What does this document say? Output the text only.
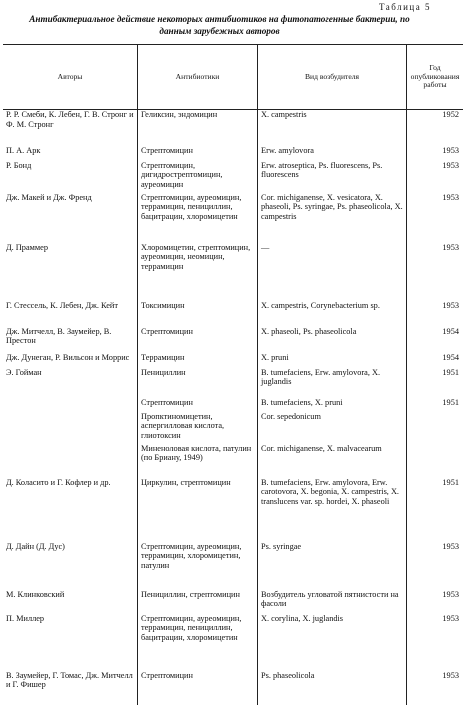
Таблица 5
Антибактериальное действие некоторых антибиотиков на фитопатогенные бактерии, по данным зарубежных авторов
Авторы	Антибиотики	Вид возбудителя	Год опубликования работы
Р. Р. Смеби, К. Лебен, Г. В. Стронг и Ф. М. Стронг	Геликсин, эндомицин	X. campestris	1952
П. А. Арк	Стрептомицин	Erw. amylovora	1953
Р. Бонд	Стрептомицин, дигидрострептомицин, ауреомицин	Erw. atroseptica, Ps. fluorescens, Ps. fluorescens	1953
Дж. Макей и Дж. Френд	Стрептомицин, ауреомицин, террамицин, пенициллин, бацитрацин, хлоромицетин	Cor. michiganense, X. vesicatora, X. phaseoli, Ps. syringae, Ps. phaseolicola, X. campestris	1953
Д. Праммер	Хлоромицетин, стрептомицин, ауреомицин, неомицин, террамицин	—	1953
Г. Стессель, К. Лебен, Дж. Кейт	Токсимицин	X. campestris, Corynebacterium sp.	1953
Дж. Митчелл, В. Заумейер, В. Престон	Стрептомицин	X. phaseoli, Ps. phaseolicola	1954
Дж. Дунеган, Р. Вильсон и Моррис	Террамицин	X. pruni	1954
Э. Гойман	Пенициллин	B. tumefaciens, Erw. amylovora, X. juglandis	1951
	Стрептомицин	B. tumefaciens, X. pruni	1951
	Пропктиномицетин, аспергилловая кислота, глиотоксин	Cor. sepedonicum	
	Миненоловая кислота, патулин (по Бриану, 1949)	Cor. michiganense, X. malvacearum	
Д. Коласито и Г. Кофлер и др.	Циркулин, стрептомицин	B. tumefaciens, Erw. amylovora, Erw. carotovora, X. begonia, X. campestris, X. translucens var. sp. hordei, X. phaseoli	1951
Д. Дайн (Д. Дус)	Стрептомицин, ауреомицин, террамицин, хлоромицетин, патулин	Ps. syringae	1953
М. Клинковский	Пенициллин, стрептомицин	Возбудитель угловатой пятнистости на фасоли	1953
П. Миллер	Стрептомицин, ауреомицин, террамицин, пенициллин, бацитрацин, хлоромицетин	X. corylina, X. juglandis	1953
В. Заумейер, Г. Томас, Дж. Митчелл и Г. Фишер	Стрептомицин	Ps. phaseolicola	1953
